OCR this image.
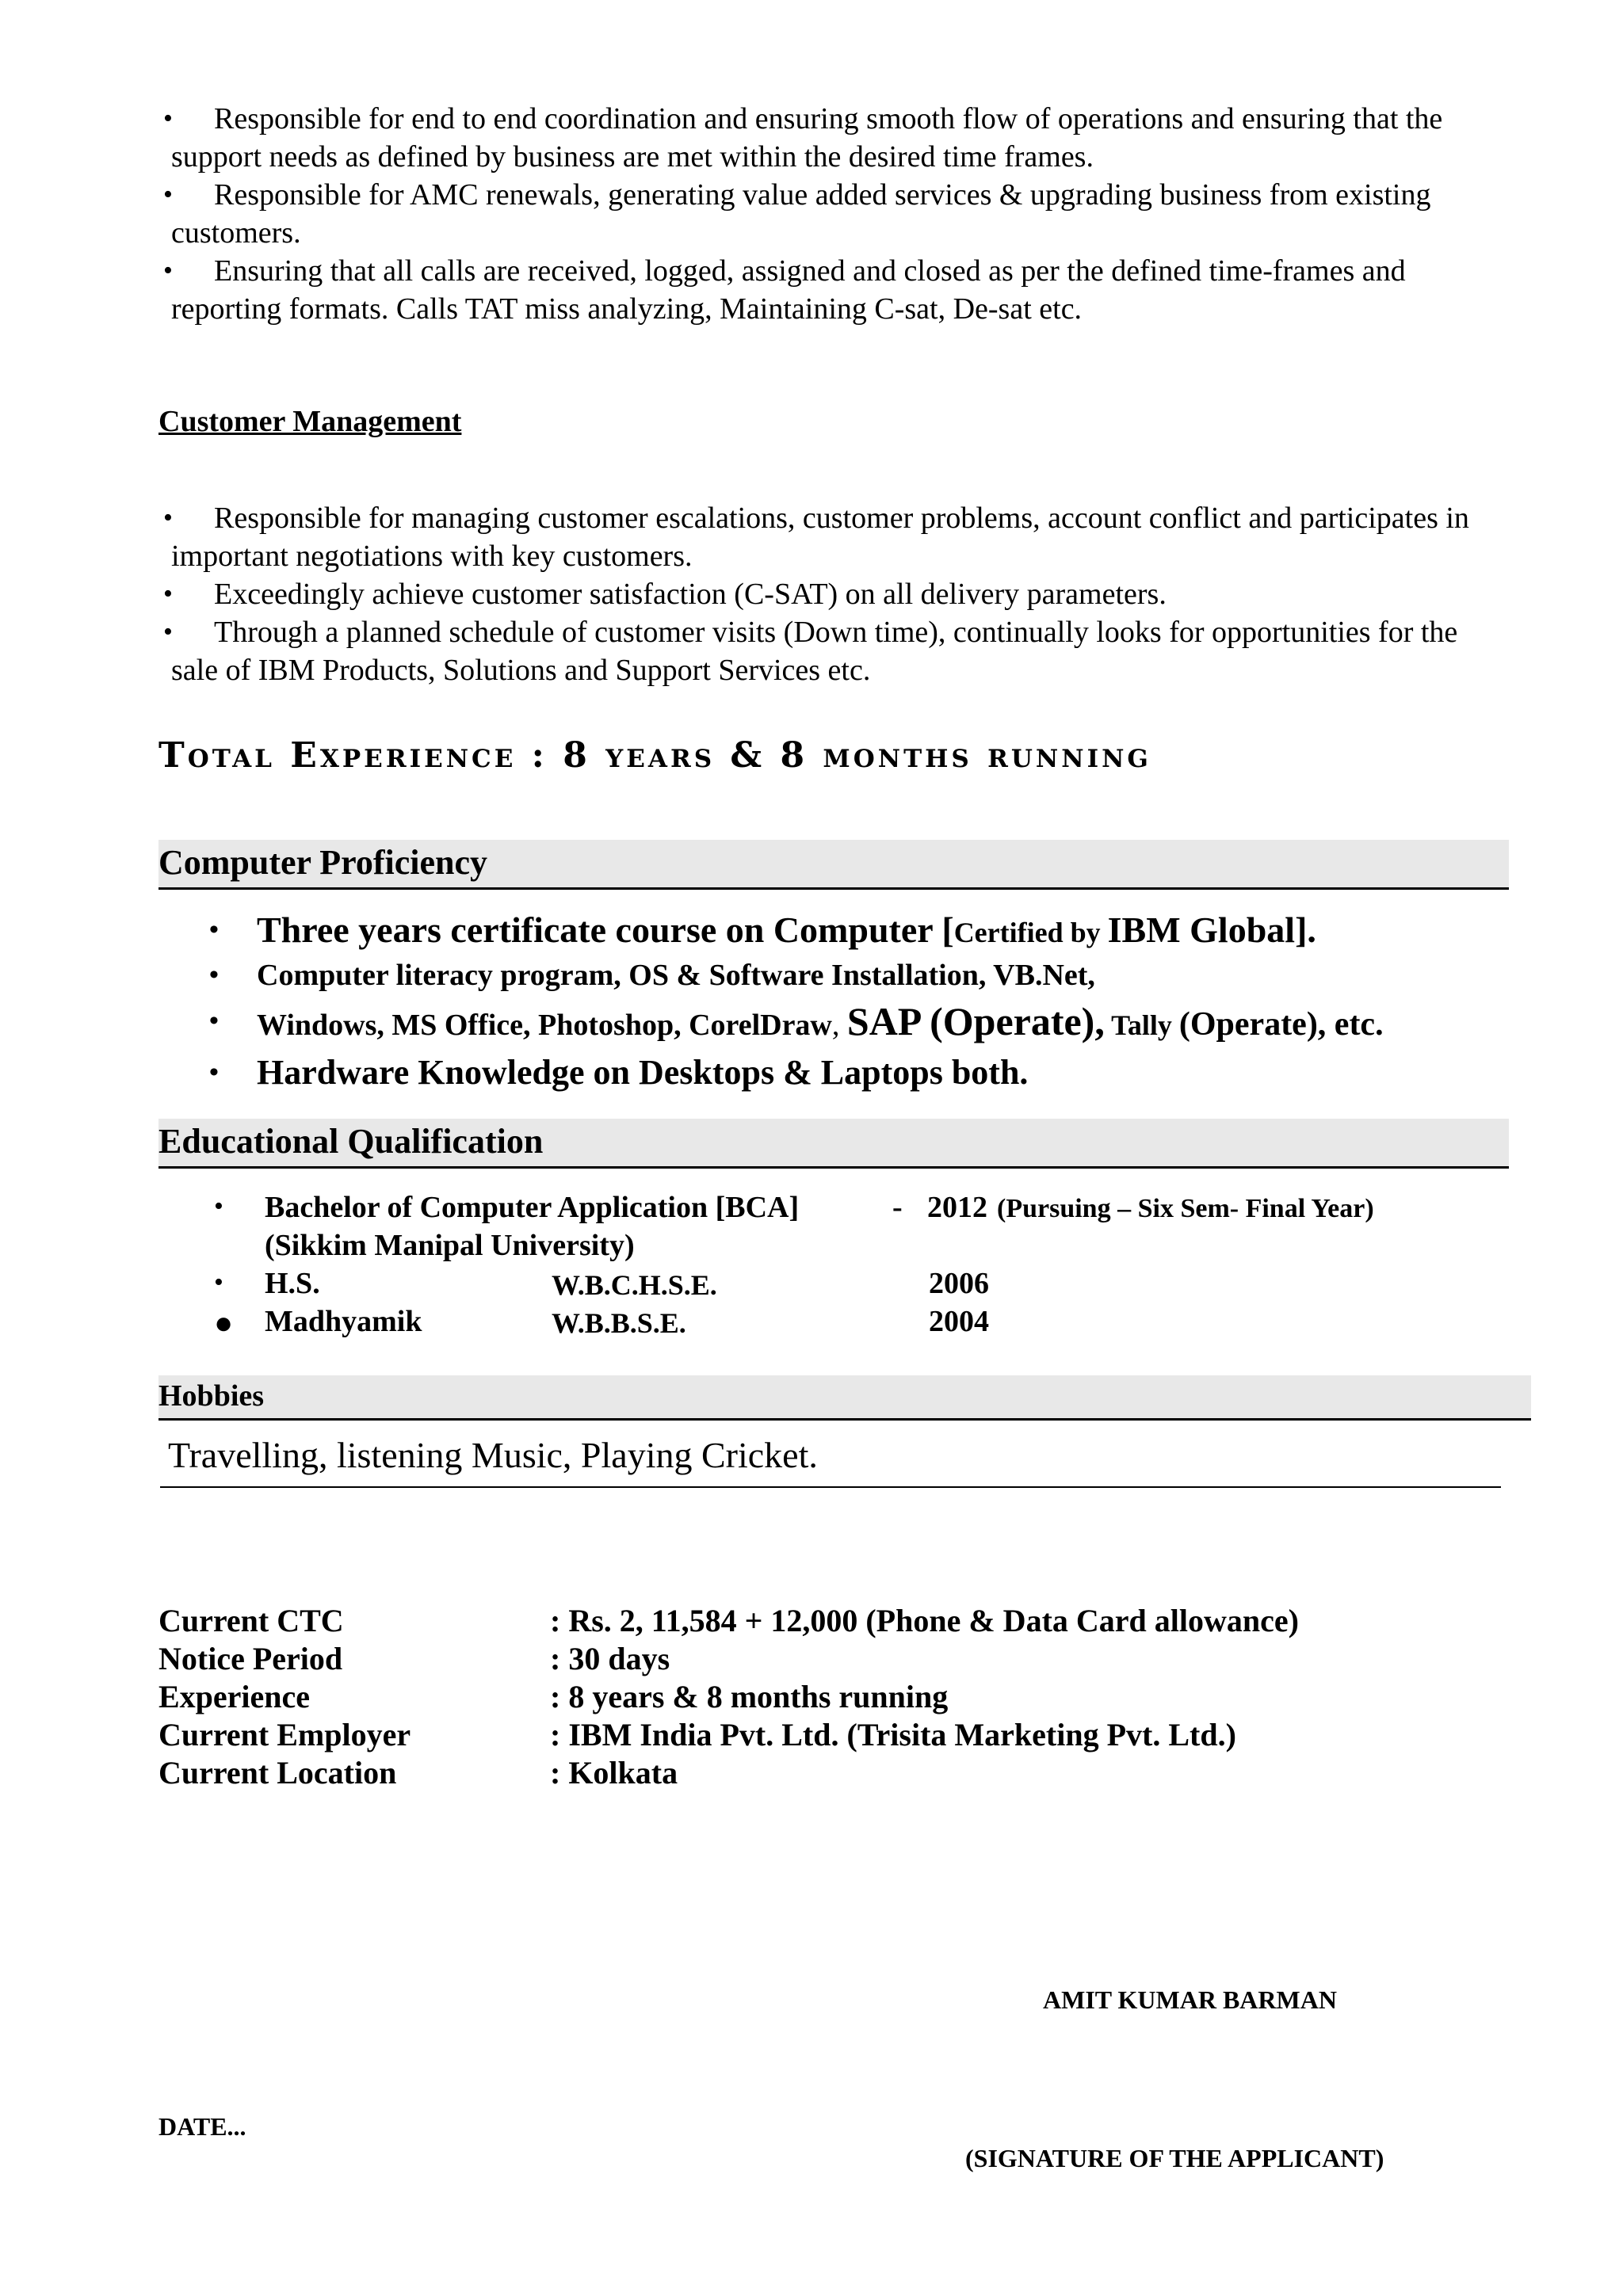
•	Responsible for end to end coordination and ensuring smooth flow of operations and ensuring that the support needs as defined by business are met within the desired time frames.
•	Responsible for AMC renewals, generating value added services & upgrading business from existing customers.
•	Ensuring that all calls are received, logged, assigned and closed as per the defined time-frames and reporting formats. Calls TAT miss analyzing, Maintaining C-sat, De-sat etc.
Customer Management
•	Responsible for managing customer escalations, customer problems, account conflict and participates in important negotiations with key customers.
•	Exceedingly achieve customer satisfaction (C-SAT) on all delivery parameters.
•	Through a planned schedule of customer visits (Down time), continually looks for opportunities for the sale of IBM Products, Solutions and Support Services etc.
Total Experience : 8 years & 8 months running
Computer Proficiency
• Three years certificate course on Computer [Certified by IBM Global].
• Computer literacy program, OS & Software Installation, VB.Net,
• Windows, MS Office, Photoshop, CorelDraw, SAP (Operate), Tally (Operate), etc.
• Hardware Knowledge on Desktops & Laptops both.
Educational Qualification
• Bachelor of Computer Application [BCA]	- 2012 (Pursuing – Six Sem- Final Year)
(Sikkim Manipal University)
• H.S.	W.B.C.H.S.E.	2006
● Madhyamik	W.B.B.S.E.	2004
Hobbies
Travelling, listening Music, Playing Cricket.
Current CTC	: Rs. 2, 11,584 + 12,000 (Phone & Data Card allowance)
Notice Period	: 30 days
Experience	: 8 years & 8 months running
Current Employer	: IBM India Pvt. Ltd. (Trisita Marketing Pvt. Ltd.)
Current Location	: Kolkata
AMIT KUMAR BARMAN
DATE...
(SIGNATURE OF THE APPLICANT)
